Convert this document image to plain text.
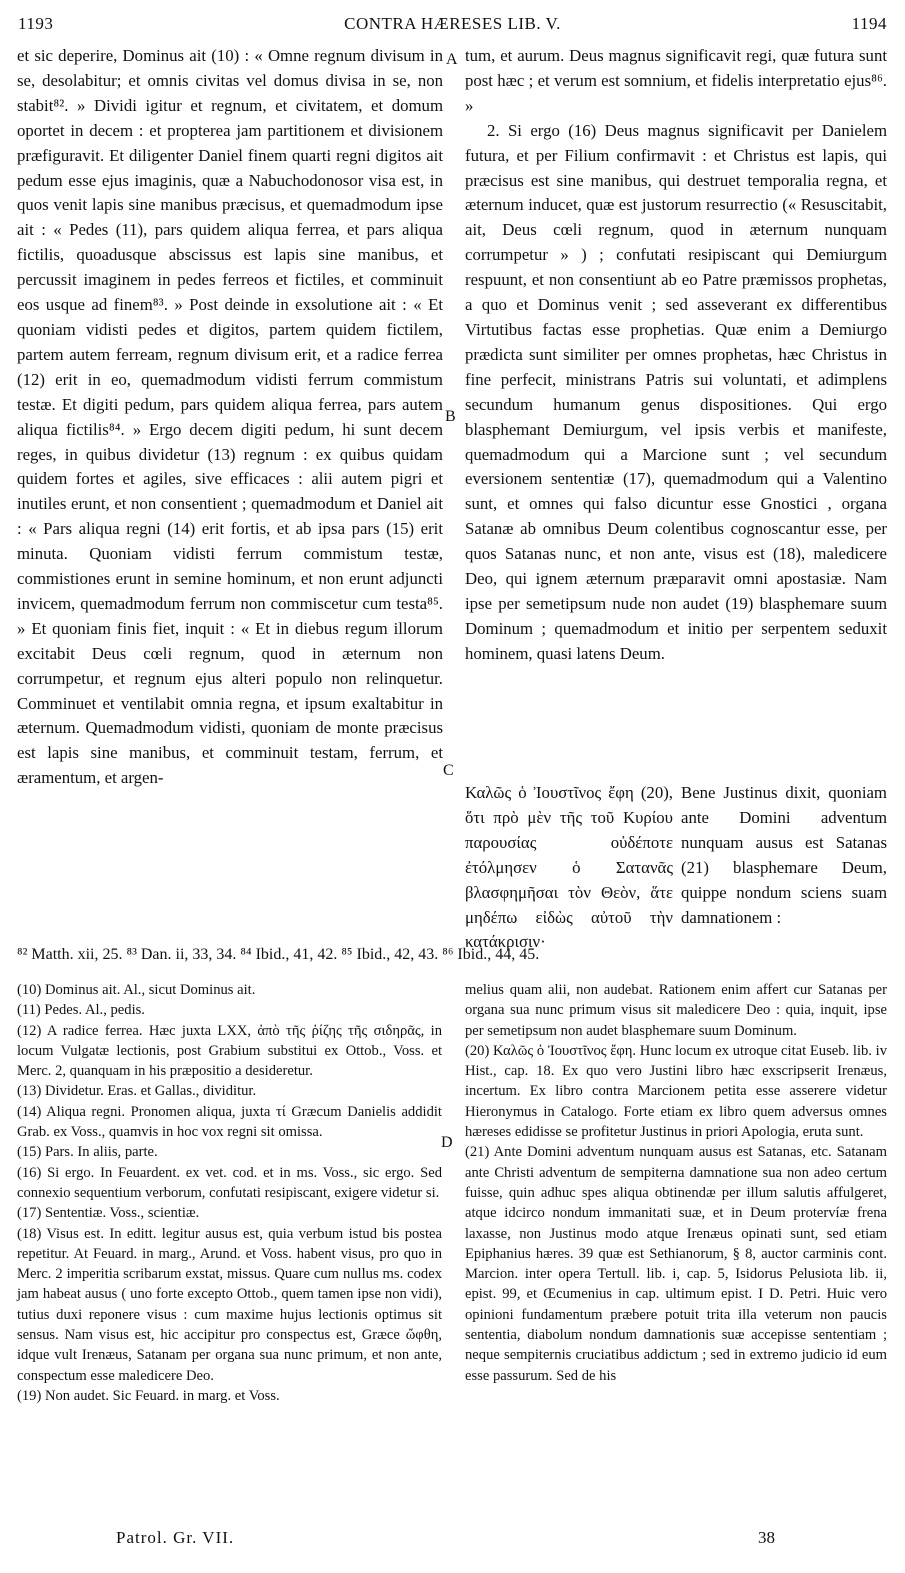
1193	CONTRA HÆRESES LIB. V.	1194
A
B
C
D

et sic deperire, Dominus ait (10) : « Omne regnum divisum in se, desolabitur; et omnis civitas vel domus divisa in se, non stabit⁸². » Dividi igitur et regnum, et civitatem, et domum oportet in decem : et propterea jam partitionem et divisionem præfiguravit. Et diligenter Daniel finem quarti regni digitos ait pedum esse ejus imaginis, quæ a Nabuchodonosor visa est, in quos venit lapis sine manibus præcisus, et quemadmodum ipse ait : « Pedes (11), pars quidem aliqua ferrea, et pars aliqua fictilis, quoadusque abscissus est lapis sine manibus, et percussit imaginem in pedes ferreos et fictiles, et comminuit eos usque ad finem⁸³. » Post deinde in exsolutione ait : « Et quoniam vidisti pedes et digitos, partem quidem fictilem, partem autem ferream, regnum divisum erit, et a radice ferrea (12) erit in eo, quemadmodum vidisti ferrum commistum testæ. Et digiti pedum, pars quidem aliqua ferrea, pars autem aliqua fictilis⁸⁴. » Ergo decem digiti pedum, hi sunt decem reges, in quibus dividetur (13) regnum : ex quibus quidam quidem fortes et agiles, sive efficaces : alii autem pigri et inutiles erunt, et non consentient ; quemadmodum et Daniel ait : « Pars aliqua regni (14) erit fortis, et ab ipsa pars (15) erit minuta. Quoniam vidisti ferrum commistum testæ, commistiones erunt in semine hominum, et non erunt adjuncti invicem, quemadmodum ferrum non commiscetur cum testa⁸⁵. » Et quoniam finis fiet, inquit : « Et in diebus regum illorum excitabit Deus cœli regnum, quod in æternum non corrumpetur, et regnum ejus alteri populo non relinquetur. Comminuet et ventilabit omnia regna, et ipsum exaltabitur in æternum. Quemadmodum vidisti, quoniam de monte præcisus est lapis sine manibus, et comminuit testam, ferrum, et æramentum, et argen-

tum, et aurum. Deus magnus significavit regi, quæ futura sunt post hæc ; et verum est somnium, et fidelis interpretatio ejus⁸⁶. »

2. Si ergo (16) Deus magnus significavit per Danielem futura, et per Filium confirmavit : et Christus est lapis, qui præcisus est sine manibus, qui destruet temporalia regna, et æternum inducet, quæ est justorum resurrectio (« Resuscitabit, ait, Deus cœli regnum, quod in æternum nunquam corrumpetur » ) ; confutati resipiscant qui Demiurgum respuunt, et non consentiunt ab eo Patre præmissos prophetas, a quo et Dominus venit ; sed asseverant ex differentibus Virtutibus factas esse prophetias. Quæ enim a Demiurgo prædicta sunt similiter per omnes prophetas, hæc Christus in fine perfecit, ministrans Patris sui voluntati, et adimplens secundum humanum genus dispositiones. Qui ergo blasphemant Demiurgum, vel ipsis verbis et manifeste, quemadmodum qui a Marcione sunt ; vel secundum eversionem sententiæ (17), quemadmodum qui a Valentino sunt, et omnes qui falso dicuntur esse Gnostici , organa Satanæ ab omnibus Deum colentibus cognoscantur esse, per quos Satanas nunc, et non ante, visus est (18), maledicere Deo, qui ignem æternum præparavit omni apostasiæ. Nam ipse per semetipsum nude non audet (19) blasphemare suum Dominum ; quemadmodum et initio per serpentem seduxit hominem, quasi latens Deum.

Καλῶς ὁ Ἰουστῖνος ἔφη (20), ὅτι πρὸ μὲν τῆς τοῦ Κυρίου παρουσίας οὐδέποτε ἐτόλμησεν ὁ Σατανᾶς βλασφημῆσαι τὸν Θεὸν, ἅτε μηδέπω εἰδὼς αὐτοῦ τὴν κατάκρισιν·
Bene Justinus dixit, quoniam ante Domini adventum nunquam ausus est Satanas (21) blasphemare Deum, quippe nondum sciens suam damnationem :
⁸² Matth. xii, 25. ⁸³ Dan. ii, 33, 34. ⁸⁴ Ibid., 41, 42. ⁸⁵ Ibid., 42, 43. ⁸⁶ Ibid., 44, 45.

(10) Dominus ait. Al., sicut Dominus ait.

(11) Pedes. Al., pedis.

(12) A radice ferrea. Hæc juxta LXX, ἀπὸ τῆς ῥίζης τῆς σιδηρᾶς, in locum Vulgatæ lectionis, post Grabium substitui ex Ottob., Voss. et Merc. 2, quanquam in his præpositio a desideretur.

(13) Dividetur. Eras. et Gallas., dividitur.

(14) Aliqua regni. Pronomen aliqua, juxta τί Græcum Danielis addidit Grab. ex Voss., quamvis in hoc vox regni sit omissa.

(15) Pars. In aliis, parte.

(16) Si ergo. In Feuardent. ex vet. cod. et in ms. Voss., sic ergo. Sed connexio sequentium verborum, confutati resipiscant, exigere videtur si.

(17) Sententiæ. Voss., scientiæ.

(18) Visus est. In editt. legitur ausus est, quia verbum istud bis postea repetitur. At Feuard. in marg., Arund. et Voss. habent visus, pro quo in Merc. 2 imperitia scribarum exstat, missus. Quare cum nullus ms. codex jam habeat ausus ( uno forte excepto Ottob., quem tamen ipse non vidi), tutius duxi reponere visus : cum maxime hujus lectionis optimus sit sensus. Nam visus est, hic accipitur pro conspectus est, Græce ὤφθη, idque vult Irenæus, Satanam per organa sua nunc primum, et non ante, conspectum esse maledicere Deo.

(19) Non audet. Sic Feuard. in marg. et Voss.

melius quam alii, non audebat. Rationem enim affert cur Satanas per organa sua nunc primum visus sit maledicere Deo : quia, inquit, ipse per semetipsum non audet blasphemare suum Dominum.

(20) Καλῶς ὁ Ἰουστῖνος ἔφη. Hunc locum ex utroque citat Euseb. lib. iv Hist., cap. 18. Ex quo vero Justini libro hæc exscripserit Irenæus, incertum. Ex libro contra Marcionem petita esse asserere videtur Hieronymus in Catalogo. Forte etiam ex libro quem adversus omnes hæreses edidisse se profitetur Justinus in priori Apologia, eruta sunt.

(21) Ante Domini adventum nunquam ausus est Satanas, etc. Satanam ante Christi adventum de sempiterna damnatione sua non adeo certum fuisse, quin adhuc spes aliqua obtinendæ per illum salutis affulgeret, atque idcirco nondum immanitati suæ, et in Deum protervíæ frena laxasse, non Justinus modo atque Irenæus opinati sunt, sed etiam Epiphanius hæres. 39 quæ est Sethianorum, § 8, auctor carminis cont. Marcion. inter opera Tertull. lib. i, cap. 5, Isidorus Pelusiota lib. ii, epist. 99, et Œcumenius in cap. ultimum epist. I D. Petri. Huic vero opinioni fundamentum præbere potuit trita illa veterum non paucis sententia, diabolum nondum damnationis suæ accepisse sententiam ; neque sempiternis cruciatibus addictum ; sed in extremo judicio id eum esse passurum. Sed de his

Patrol. Gr. VII.	38
